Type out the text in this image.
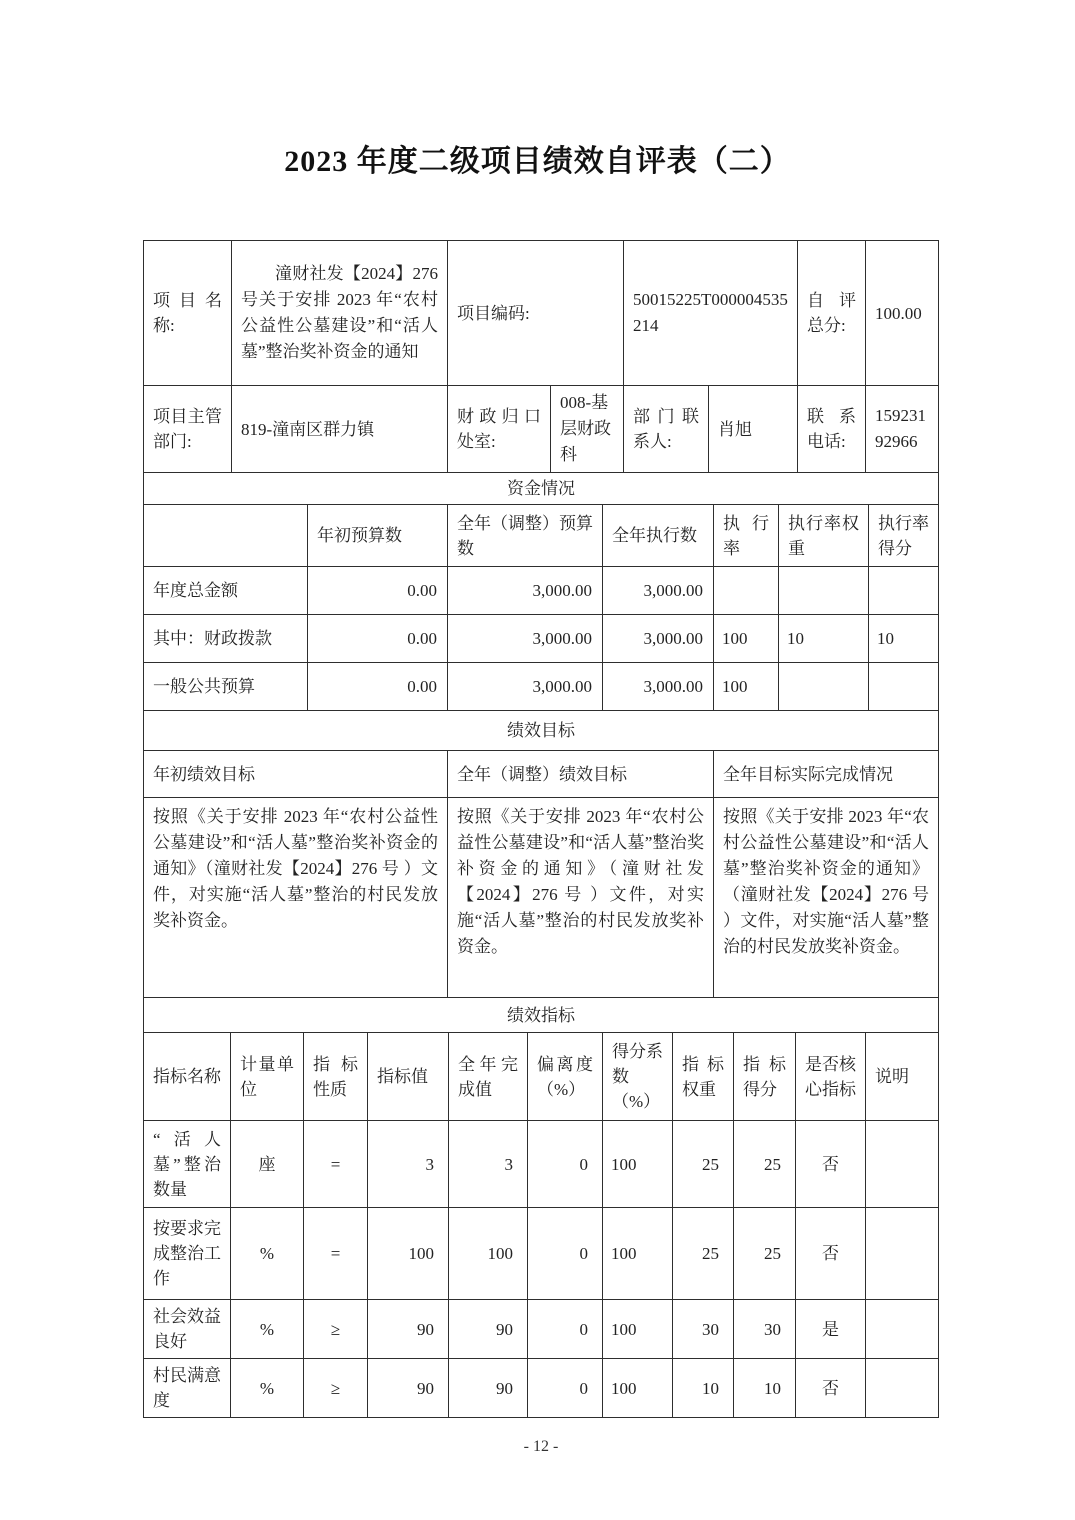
2023 年度二级项目绩效自评表（二）
项目名称:	潼财社发【2024】276 号关于安排 2023 年“农村公益性公墓建设”和“活人墓”整治奖补资金的通知	项目编码:		50015225T000004535214		自评总分:	100.00
项目主管部门:	819-潼南区群力镇	财政归口处室:	008-基层财政科	部门联系人:	肖旭	联系电话:	15923192966
资金情况						
	年初预算数	全年（调整）预算数	全年执行数	执行率	执行率权重	执行率得分
年度总金额	0.00	3,000.00	3,000.00			
其中：财政拨款	0.00	3,000.00	3,000.00	100	10	10
一般公共预算	0.00	3,000.00	3,000.00	100		
绩效目标		
年初绩效目标	全年（调整）绩效目标	全年目标实际完成情况
按照《关于安排 2023 年“农村公益性公墓建设”和“活人墓”整治奖补资金的通知》（潼财社发【2024】276 号 ）文件，对实施“活人墓”整治的村民发放奖补资金。	按照《关于安排 2023 年“农村公益性公墓建设”和“活人墓”整治奖补资金的通知》（潼财社发【2024】276 号 ）文件，对实施“活人墓”整治的村民发放奖补资金。	按照《关于安排 2023 年“农村公益性公墓建设”和“活人墓”整治奖补资金的通知》（潼财社发【2024】276 号 ）文件，对实施“活人墓”整治的村民发放奖补资金。
绩效指标										
指标名称	计量单位	指标性质	指标值	全年完成值	偏离度（%）	得分系数（%）	指标权重	指标得分	是否核心指标	说明
“活人墓”整治数量	座	=	3	3	0	100	25	25	否	
按要求完成整治工作	%	=	100	100	0	100	25	25	否	
社会效益良好	%	≥	90	90	0	100	30	30	是	
村民满意度	%	≥	90	90	0	100	10	10	否	
- 12 -
